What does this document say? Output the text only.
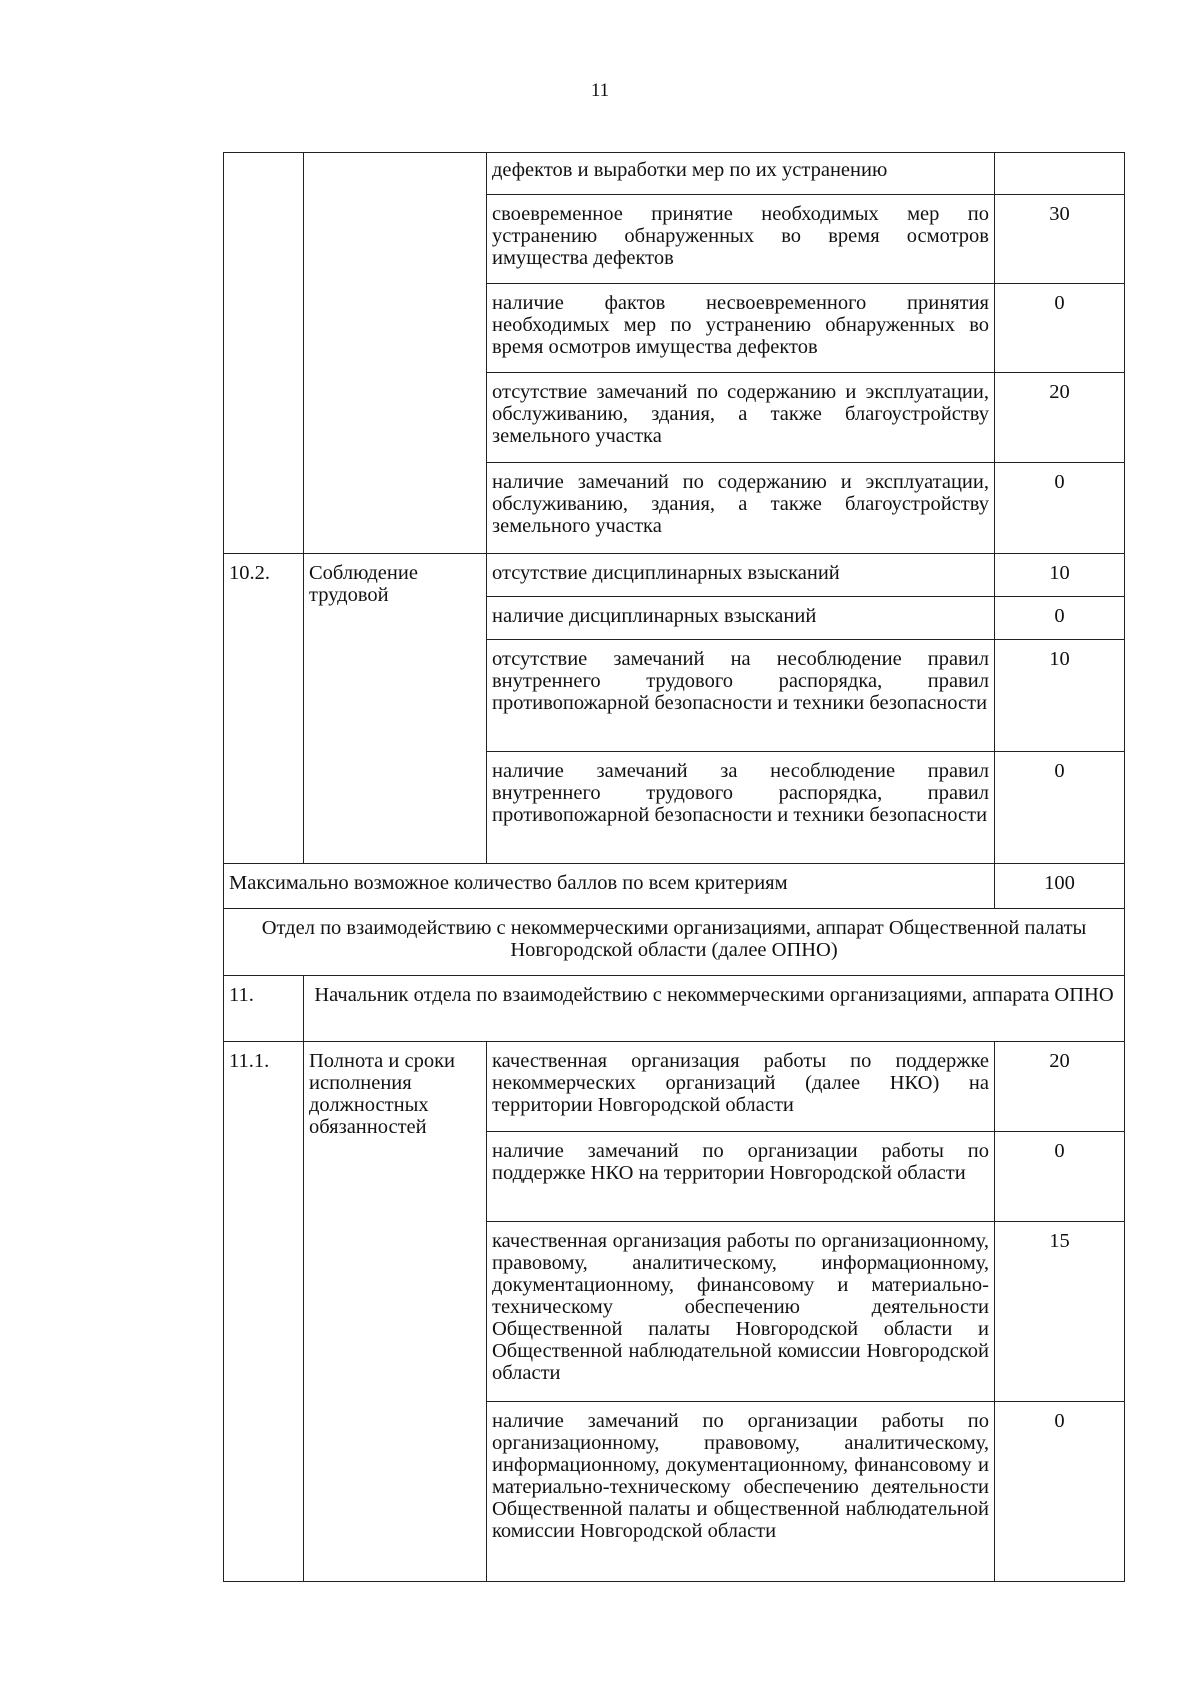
11
		дефектов и выработки мер по их устранению	
		своевременное принятие необходимых мер по устранению обнаруженных во время осмотров имущества дефектов	30
		наличие фактов несвоевременного принятия необходимых мер по устранению обнаруженных во время осмотров имущества дефектов	0
		отсутствие замечаний по содержанию и эксплуатации, обслуживанию, здания, а также благоустройству земельного участка	20
		наличие замечаний по содержанию и эксплуатации, обслуживанию, здания, а также благоустройству земельного участка	0
10.2.	Соблюдение трудовой	отсутствие дисциплинарных взысканий	10
		наличие дисциплинарных взысканий	0
		отсутствие замечаний на несоблюдение правил внутреннего трудового распорядка, правил противопожарной безопасности и техники безопасности	10
		наличие замечаний за несоблюдение правил внутреннего трудового распорядка, правил противопожарной безопасности и техники безопасности	0
Максимально возможное количество баллов по всем критериям			100
Отдел по взаимодействию с некоммерческими организациями, аппарат Общественной палаты Новгородской области (далее ОПНО)			
11.	Начальник отдела по взаимодействию с некоммерческими организациями, аппарата ОПНО		
11.1.	Полнота и сроки исполнения должностных обязанностей	качественная организация работы по поддержке некоммерческих организаций (далее НКО) на территории Новгородской области	20
		наличие замечаний по организации работы по поддержке НКО на территории Новгородской области	0
		качественная организация работы по организационному, правовому, аналитическому, информационному, документационному, финансовому и материально-техническому обеспечению деятельности Общественной палаты Новгородской области и Общественной наблюдательной комиссии Новгородской области	15
		наличие замечаний по организации работы по организационному, правовому, аналитическому, информационному, документационному, финансовому и материально-техническому обеспечению деятельности Общественной палаты и общественной наблюдательной комиссии Новгородской области	0
